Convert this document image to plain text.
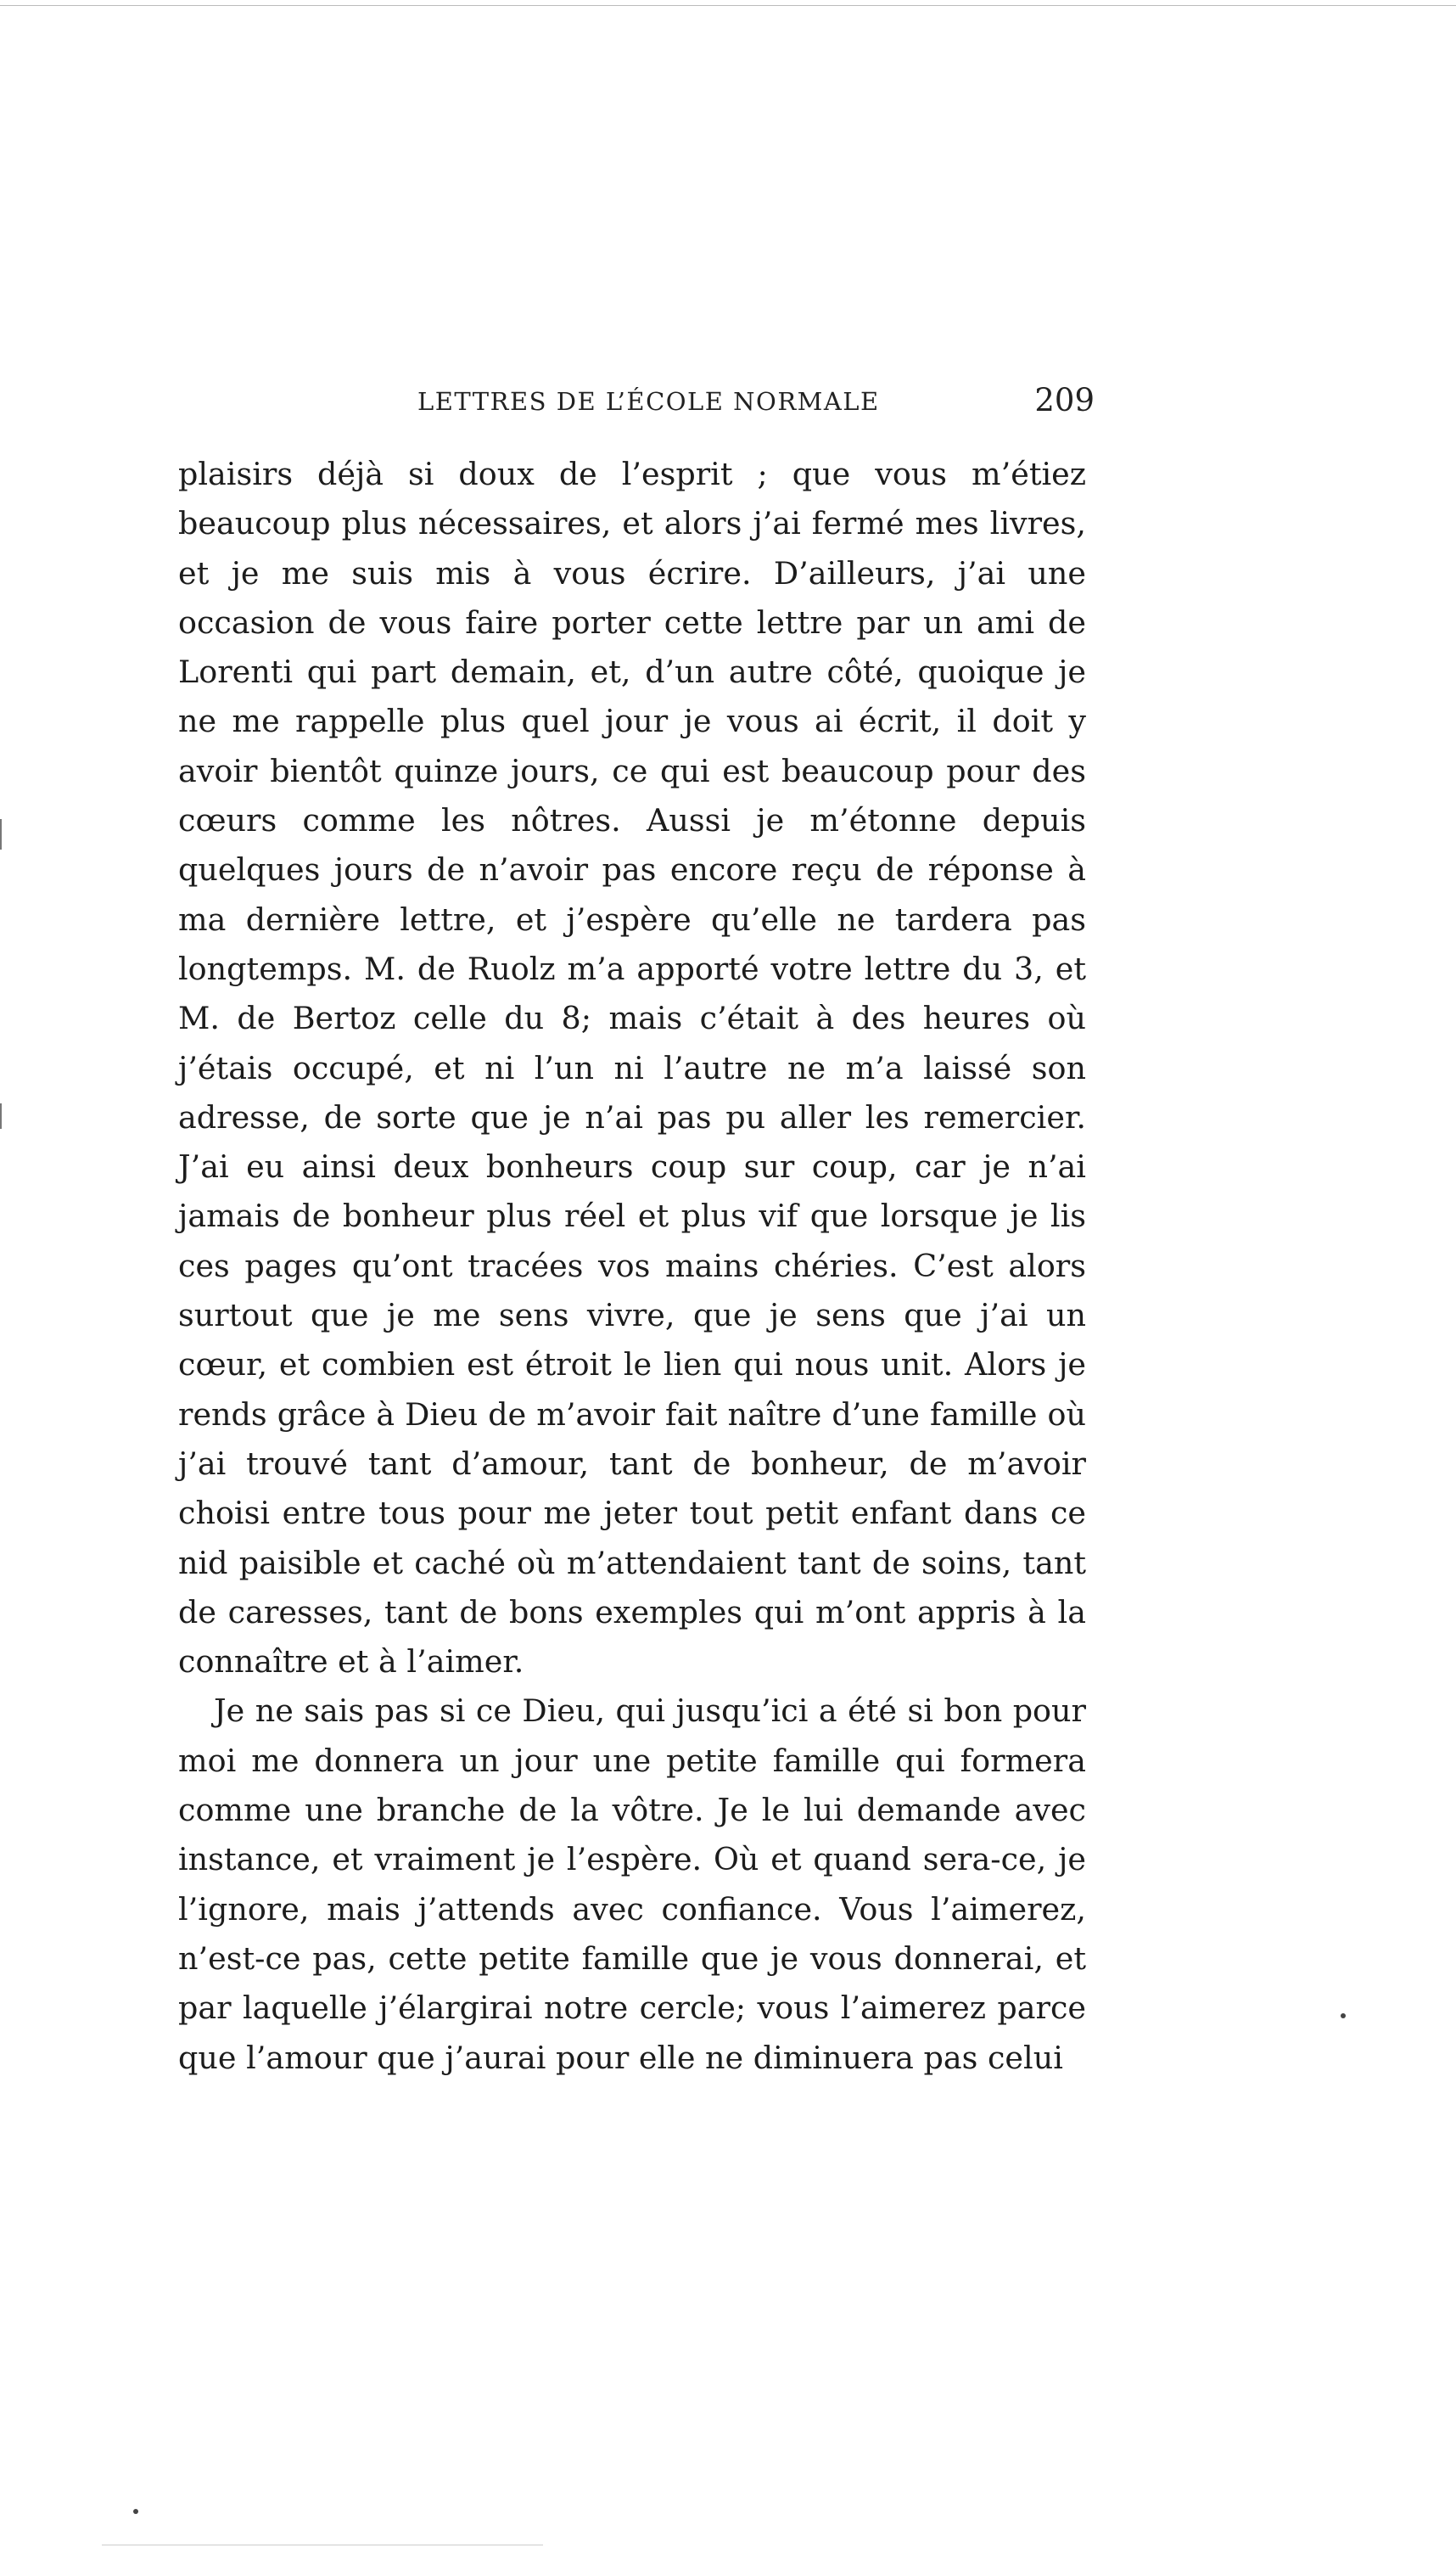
LETTRES DE L’ÉCOLE NORMALE	209

plaisirs déjà si doux de l’esprit ; que vous m’étiez beaucoup plus nécessaires, et alors j’ai fermé mes livres, et je me suis mis à vous écrire. D’ailleurs, j’ai une occasion de vous faire porter cette lettre par un ami de Lorenti qui part demain, et, d’un autre côté, quoique je ne me rappelle plus quel jour je vous ai écrit, il doit y avoir bientôt quinze jours, ce qui est beaucoup pour des cœurs comme les nôtres. Aussi je m’étonne depuis quelques jours de n’avoir pas encore reçu de réponse à ma dernière lettre, et j’espère qu’elle ne tardera pas longtemps. M. de Ruolz m’a apporté votre lettre du 3, et M. de Bertoz celle du 8; mais c’était à des heures où j’étais occupé, et ni l’un ni l’autre ne m’a laissé son adresse, de sorte que je n’ai pas pu aller les remercier. J’ai eu ainsi deux bonheurs coup sur coup, car je n’ai jamais de bonheur plus réel et plus vif que lorsque je lis ces pages qu’ont tracées vos mains chéries. C’est alors surtout que je me sens vivre, que je sens que j’ai un cœur, et combien est étroit le lien qui nous unit. Alors je rends grâce à Dieu de m’avoir fait naître d’une famille où j’ai trouvé tant d’amour, tant de bonheur, de m’avoir choisi entre tous pour me jeter tout petit enfant dans ce nid paisible et caché où m’attendaient tant de soins, tant de caresses, tant de bons exemples qui m’ont appris à la connaître et à l’aimer.

Je ne sais pas si ce Dieu, qui jusqu’ici a été si bon pour moi me donnera un jour une petite famille qui formera comme une branche de la vôtre. Je le lui demande avec instance, et vraiment je l’espère. Où et quand sera-ce, je l’ignore, mais j’attends avec confiance. Vous l’aimerez, n’est-ce pas, cette petite famille que je vous donnerai, et par laquelle j’élargirai notre cercle; vous l’aimerez parce que l’amour que j’aurai pour elle ne diminuera pas celui
